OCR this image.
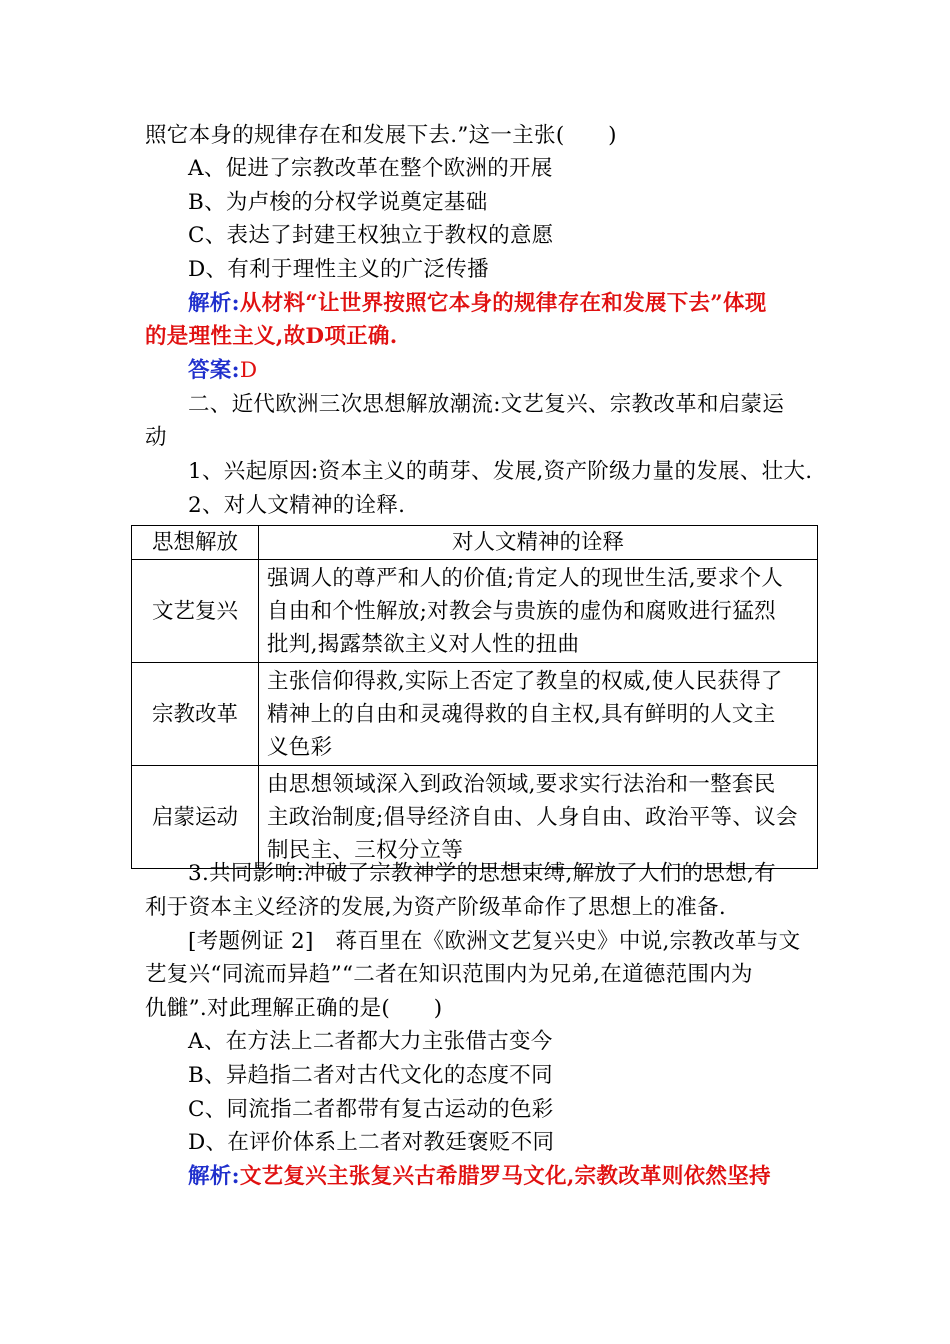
照它本身的规律存在和发展下去.”这一主张(　　)
A、促进了宗教改革在整个欧洲的开展
B、为卢梭的分权学说奠定基础
C、表达了封建王权独立于教权的意愿
D、有利于理性主义的广泛传播
解析:从材料“让世界按照它本身的规律存在和发展下去”体现
的是理性主义,故D项正确.
答案:D
二、近代欧洲三次思想解放潮流:文艺复兴、宗教改革和启蒙运
动
1、兴起原因:资本主义的萌芽、发展,资产阶级力量的发展、壮大.
2、对人文精神的诠释.
思想解放	对人文精神的诠释
文艺复兴	强调人的尊严和人的价值;肯定人的现世生活,要求个人
自由和个性解放;对教会与贵族的虚伪和腐败进行猛烈
批判,揭露禁欲主义对人性的扭曲

宗教改革	主张信仰得救,实际上否定了教皇的权威,使人民获得了
精神上的自由和灵魂得救的自主权,具有鲜明的人文主
义色彩

启蒙运动	由思想领域深入到政治领域,要求实行法治和一整套民
主政治制度;倡导经济自由、人身自由、政治平等、议会
制民主、三权分立等
3.共同影响:冲破了宗教神学的思想束缚,解放了人们的思想,有
利于资本主义经济的发展,为资产阶级革命作了思想上的准备.
[考题例证 2]　蒋百里在《欧洲文艺复兴史》中说,宗教改革与文
艺复兴“同流而异趋”“二者在知识范围内为兄弟,在道德范围内为
仇雠”.对此理解正确的是(　　)
A、在方法上二者都大力主张借古变今
B、异趋指二者对古代文化的态度不同
C、同流指二者都带有复古运动的色彩
D、在评价体系上二者对教廷褒贬不同
解析:文艺复兴主张复兴古希腊罗马文化,宗教改革则依然坚持
